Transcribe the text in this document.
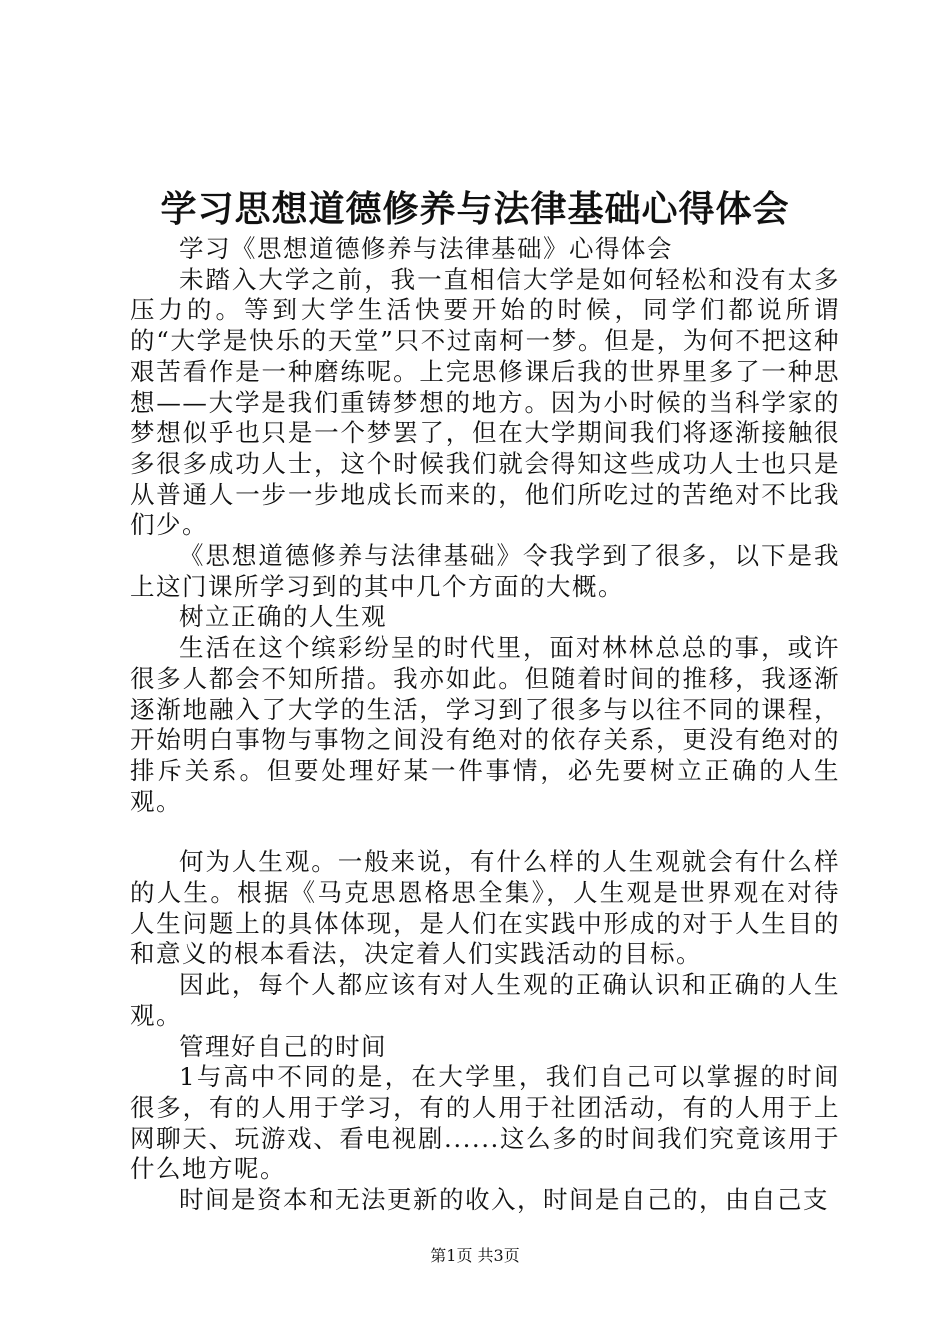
学习思想道德修养与法律基础心得体会

学习《思想道德修养与法律基础》心得体会

未踏入大学之前，我一直相信大学是如何轻松和没有太多压力的。等到大学生活快要开始的时候，同学们都说所谓的“大学是快乐的天堂”只不过南柯一梦。但是，为何不把这种艰苦看作是一种磨练呢。上完思修课后我的世界里多了一种思想——大学是我们重铸梦想的地方。因为小时候的当科学家的梦想似乎也只是一个梦罢了，但在大学期间我们将逐渐接触很多很多成功人士，这个时候我们就会得知这些成功人士也只是从普通人一步一步地成长而来的，他们所吃过的苦绝对不比我们少。

《思想道德修养与法律基础》令我学到了很多，以下是我上这门课所学习到的其中几个方面的大概。

树立正确的人生观

生活在这个缤彩纷呈的时代里，面对林林总总的事，或许很多人都会不知所措。我亦如此。但随着时间的推移，我逐渐逐渐地融入了大学的生活，学习到了很多与以往不同的课程，开始明白事物与事物之间没有绝对的依存关系，更没有绝对的排斥关系。但要处理好某一件事情，必先要树立正确的人生观。

何为人生观。一般来说，有什么样的人生观就会有什么样的人生。根据《马克思恩格思全集》，人生观是世界观在对待人生问题上的具体体现，是人们在实践中形成的对于人生目的和意义的根本看法，决定着人们实践活动的目标。

因此，每个人都应该有对人生观的正确认识和正确的人生观。

管理好自己的时间

1与高中不同的是，在大学里，我们自己可以掌握的时间很多，有的人用于学习，有的人用于社团活动，有的人用于上网聊天、玩游戏、看电视剧......这么多的时间我们究竟该用于什么地方呢。

时间是资本和无法更新的收入，时间是自己的，由自己支

第1页 共3页
